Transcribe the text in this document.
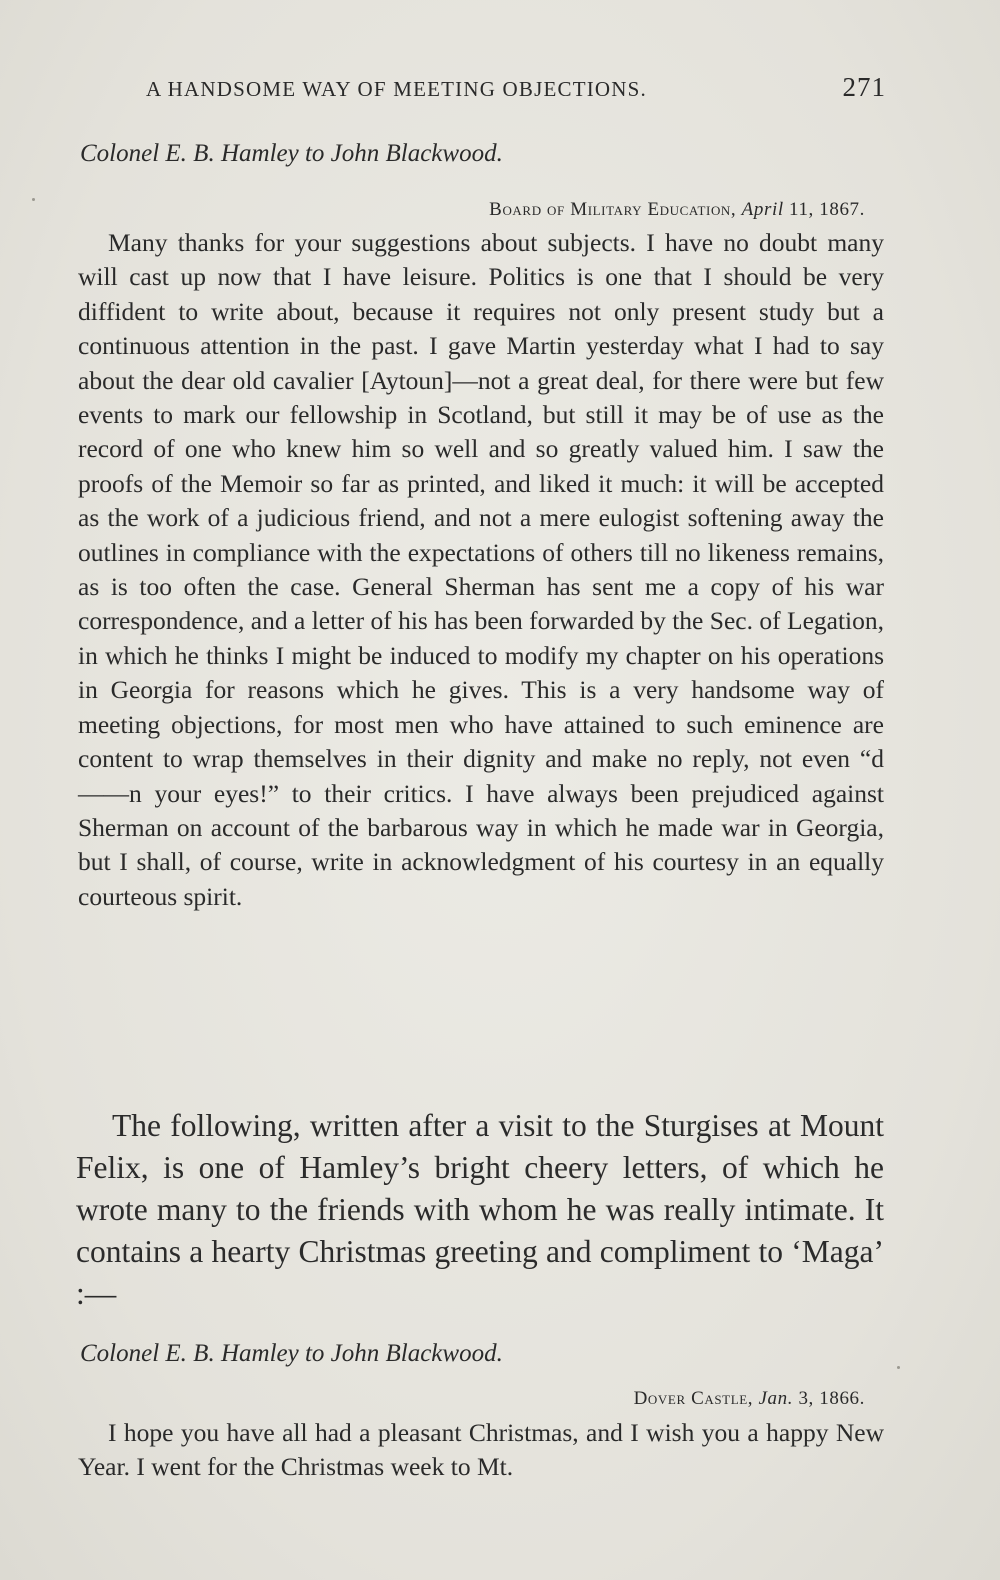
A HANDSOME WAY OF MEETING OBJECTIONS.	271
Colonel E. B. Hamley to John Blackwood.
Board of Military Education, April 11, 1867.

Many thanks for your suggestions about subjects. I have no doubt many will cast up now that I have leisure. Politics is one that I should be very diffident to write about, because it requires not only present study but a continuous attention in the past. I gave Martin yesterday what I had to say about the dear old cavalier [Aytoun]—not a great deal, for there were but few events to mark our fellowship in Scotland, but still it may be of use as the record of one who knew him so well and so greatly valued him. I saw the proofs of the Memoir so far as printed, and liked it much: it will be accepted as the work of a judicious friend, and not a mere eulogist softening away the outlines in compliance with the expectations of others till no likeness remains, as is too often the case. General Sherman has sent me a copy of his war correspondence, and a letter of his has been forwarded by the Sec. of Legation, in which he thinks I might be induced to modify my chapter on his operations in Georgia for reasons which he gives. This is a very handsome way of meeting objections, for most men who have attained to such eminence are content to wrap themselves in their dignity and make no reply, not even “d——n your eyes!” to their critics. I have always been prejudiced against Sherman on account of the barbarous way in which he made war in Georgia, but I shall, of course, write in acknowledgment of his courtesy in an equally courteous spirit.

The following, written after a visit to the Sturgises at Mount Felix, is one of Hamley’s bright cheery letters, of which he wrote many to the friends with whom he was really intimate. It contains a hearty Christmas greeting and compliment to ‘Maga’ :—

Colonel E. B. Hamley to John Blackwood.
Dover Castle, Jan. 3, 1866.

I hope you have all had a pleasant Christmas, and I wish you a happy New Year. I went for the Christmas week to Mt.
